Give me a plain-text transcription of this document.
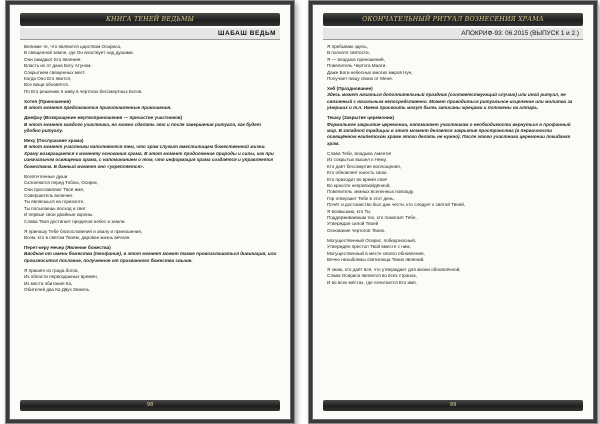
КНИГА ТЕНЕЙ ВЕДЬМЫ
ШАБАШ ВЕДЬМ

Великие те, что являются царством Осириса,
В священной земле, где Он властвует над душами.
Они ожидают Его явления.
Власть их от дана Богу Атуном,
Сокрытием священных мест.
Когда Оно Его явится,
Все вещи обновятся.
По Его решению я живу в чертогах бессмертных Богов.

Хотеп (Приношения)

В этот момент предлагаются приготовленные приношения.

Джефау (Возвращение жертвоприношения — причастие участников)

В этот момент каждого участника, но можно сделать это и после завершения ритуала, как будет удобно ритуалу.

Меху (Послушание храма)

В этот момент участники наполняются тем, что храм служит вместилищем божественной жизни. Храму возвращается к моменту основания храма. В этот момент продолжение природы и силы, как при изначальном освящении храма, с напоминанием о том, что информация храма создаётся и управляется божеством. В данный момент оно «укрепляется».

Всепочтенные души
Склоняются перед Тобою, Осирис,
Они прославляют Твоё имя,
Совершитель величия.
Ты являешься на горизонте,
Ты посылаешь восход и свет
И первые свои двойные короны.
Слава Твоя достигает пределов небес и земли.

Я приношу Тебе благословения и хвалу и приношения,
Всем, кто в святом Твоём, дарован жизнь вечная.

Перет-керу Нечер (Явление божества)

Вводная от имени божества (теофания), в этот момент может также провозглашаться дивинация, или произносится послание, полученное от призванного божества свыше.

Я пришёл из града богов,
Из области первозданных времён,
Из места обитания Ка,
Обителей два Ка Двух Земель.

98
ОКОНЧАТЕЛЬНЫЙ РИТУАЛ ВОЗНЕСЕНИЯ ХРАМА
АПОКРИФ-93: 06.2015 (ВЫПУСК 1 и 2.)

Я пребываю здесь,
В полноте святости,
Я — владыка приношений,
Повелитель Чертога Маати.
Даже Боги небесных многих миров Нун,
Получает пищу своих от Меня.

Хеб (Празднование)

Здесь может начаться дополнительный праздник (соответствующий случаю) или иной ритуал, не связанный с начальным непосредственно. Может проводиться ритуальное исцеление или молитва за умерших и т.п. Имена присвоить могут быть записаны жрецами и положены на алтарь.

Тешау (Закрытие церемонии)

Формальное закрытие церемонии, напоминает участникам о необходимости вернуться в профанный мир. В западной традиции в этот момент делается закрытие пространства (в первичности освящённом египетском храме этого делать не нужно). После этого участники церемонии покидают храм.

Слава Тебе, владыка Аменти!
Из сокрытых вышел к Нему,
Кто даёт бессмертие воплощения,
Кто обновляет юность свою.
Кто приходит во время своё
Во красоте непревзойдённой,
Повелитель земных вселенных повсюду.
Гор отверзает Тебе в этот день,
Почёт и достоинство был дан чести, кто следует к святой Твоей,
Я возвышаю, кто Ты
Поддерживаемым тех, кто помогает Тебе,
Утверждая силой Твоей
Основание чертогов Твоих.

Могущественный Осирис, победоносный,
Утверждён престол Твой вместе с ним,
Могущественный в месте своего обновления,
Вечно незыблемы святилища Твоих явлений.

Я знаю, кто даёт всё, что утверждает для жизни обновлённой,
Слава Осириса является во всех странах,
И во всех местах, где почитается Его имя.

99
